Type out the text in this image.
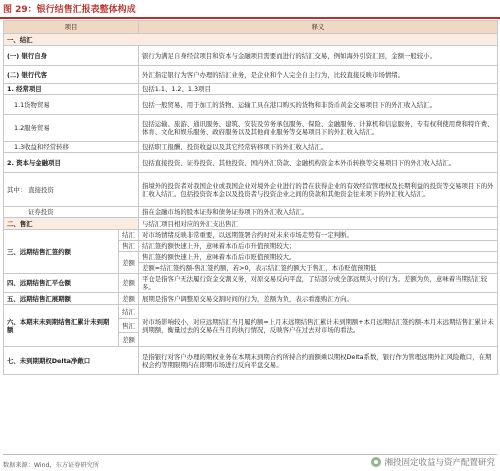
图 29：银行结售汇报表整体构成
项目		释义
一、结汇		
(一) 银行自身		银行为满足自身经营项目和资本与金融项目需要而进行的结汇交易，例如海外引资汇回，金额一般较小。
(二) 银行代客		外汇指定银行为客户办理的结汇业务，是企业和个人完全自主行为，比较直接反映市场情绪。
1. 经常项目		包括1.1、1.2、1.3项目
1.1货物贸易		包括一般贸易、用于加工的货物、运输工具在港口购买的货物和非货币黄金交易项目下的外汇收入结汇。
1.2服务贸易		包括运输、旅游、通讯服务、建筑、安装及劳务承包服务、保险、金融服务、计算机和信息服务、专有权利使用费和特许费、体育、文化和娱乐服务、政府服务以及其他商业服务等交易项目下的外汇收入结汇。
1.3收益和经常转移		包括职工报酬、投资收益以及其它经常转移项下的外汇收入结汇。
2. 资本与金融项目		包括直接投资、证券投资、其他投资、国内外汇贷款、金融机构资金本外币转换等交易项目下的外汇收入结汇。
其中： 直接投资		指境外的投资者对我国企业或我国企业对境外企业进行的旨在获得企业的有效经营管理权及长期利益的投资等交易项目下的外汇收入结汇。包括投资资本金以及投资者与投资企业之间的贷款和其他资金往来项下的外汇收入结汇。
证券投资		指在金融市场的股本证券和债务证券项下的外汇收入结汇。
二、售汇		与结汇项目相对应的外汇支出售汇
三、远期结售汇签约额	结汇	对市场情绪反映非常重要，以远期签署合约时对未来市场走势有一定判断。
	售汇	结汇签约额快速上升，意味着本币后市升值预期较大；
	差额	售汇签约额快速上升，意味着本币后市贬值预期较大。
		差额=结汇签约额-售汇签约额，若>0，表示结汇签约额大于售汇，本币贬值预期低
四、远期结售汇平仓额	差额	平仓是指客户无法履行资金交割义务，对原交易反向平盘，了结部分或全部远期头寸的行为。差额为负，意味着当期结汇较多。
五、远期结售汇展期额	差额	展期是指客户调整原交易交割时间的行为，差额为负，表示看涨购汇方向。
六、本期末未到期结售汇累计未到期额	结汇	对市场影响较小，对应远期结汇当月履约额=上月末远期结售汇累计未到期额+本月远期结汇签约额-本月末远期结售汇累计未到期额，衡量过去的交易在当月的执行情况，反映客户在过去对市场的看法。
	售汇	
	差额	
七、未到期期权Delta净敞口		是指银行对客户办理的期权业务在本期末到期合约所持合约面额乘以期权Delta系数，银行作为管理远期外汇风险敞口，在期权会约等期限期内在即期市场进行反向平盘交易。
数据来源：Wind，东方证券研究所	湘投固定收益与资产配置研究
